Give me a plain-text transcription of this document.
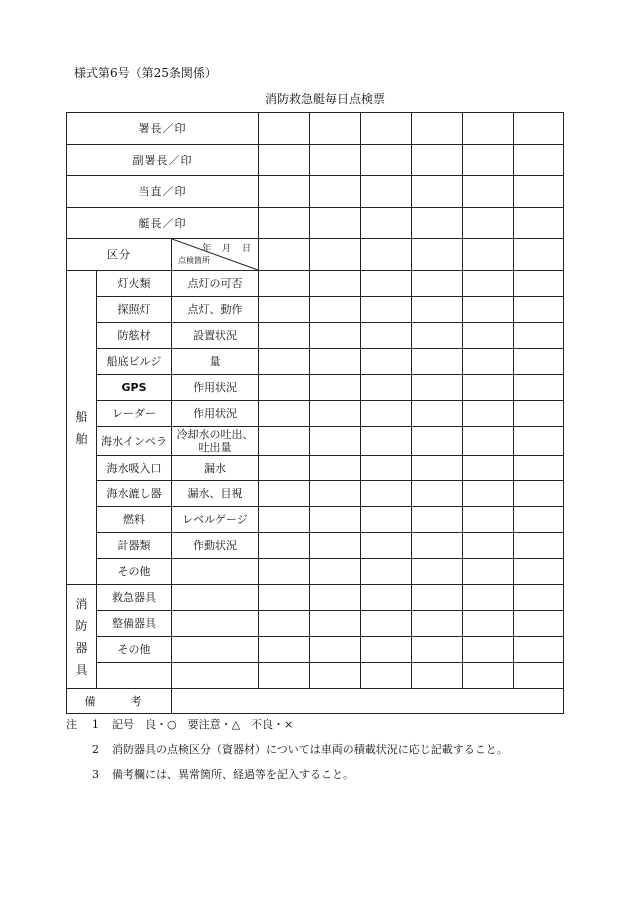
様式第6号（第25条関係）
消防救急艇毎日点検票
署長／印								
副署長／印								
当直／印								
艇長／印								
区分		年　月　日
点検箇所						

船舶	灯火類	点灯の可否						
	探照灯	点灯、動作						
	防舷材	設置状況						
	船底ビルジ	量						
	GPS	作用状況						
	レーダー	作用状況						
	海水インペラ	冷却水の吐出、吐出量						
	海水吸入口	漏水						
	海水漉し器	漏水、目視						
	燃料	レベルゲージ						
	計器類	作動状況						
	その他							
消防器具	救急器具							
	整備器具							
	その他							

備　考								
注 1 記号　良・○　要注意・△　不良・×
2 消防器具の点検区分（資器材）については車両の積載状況に応じ記載すること。
3 備考欄には、異常箇所、経過等を記入すること。
